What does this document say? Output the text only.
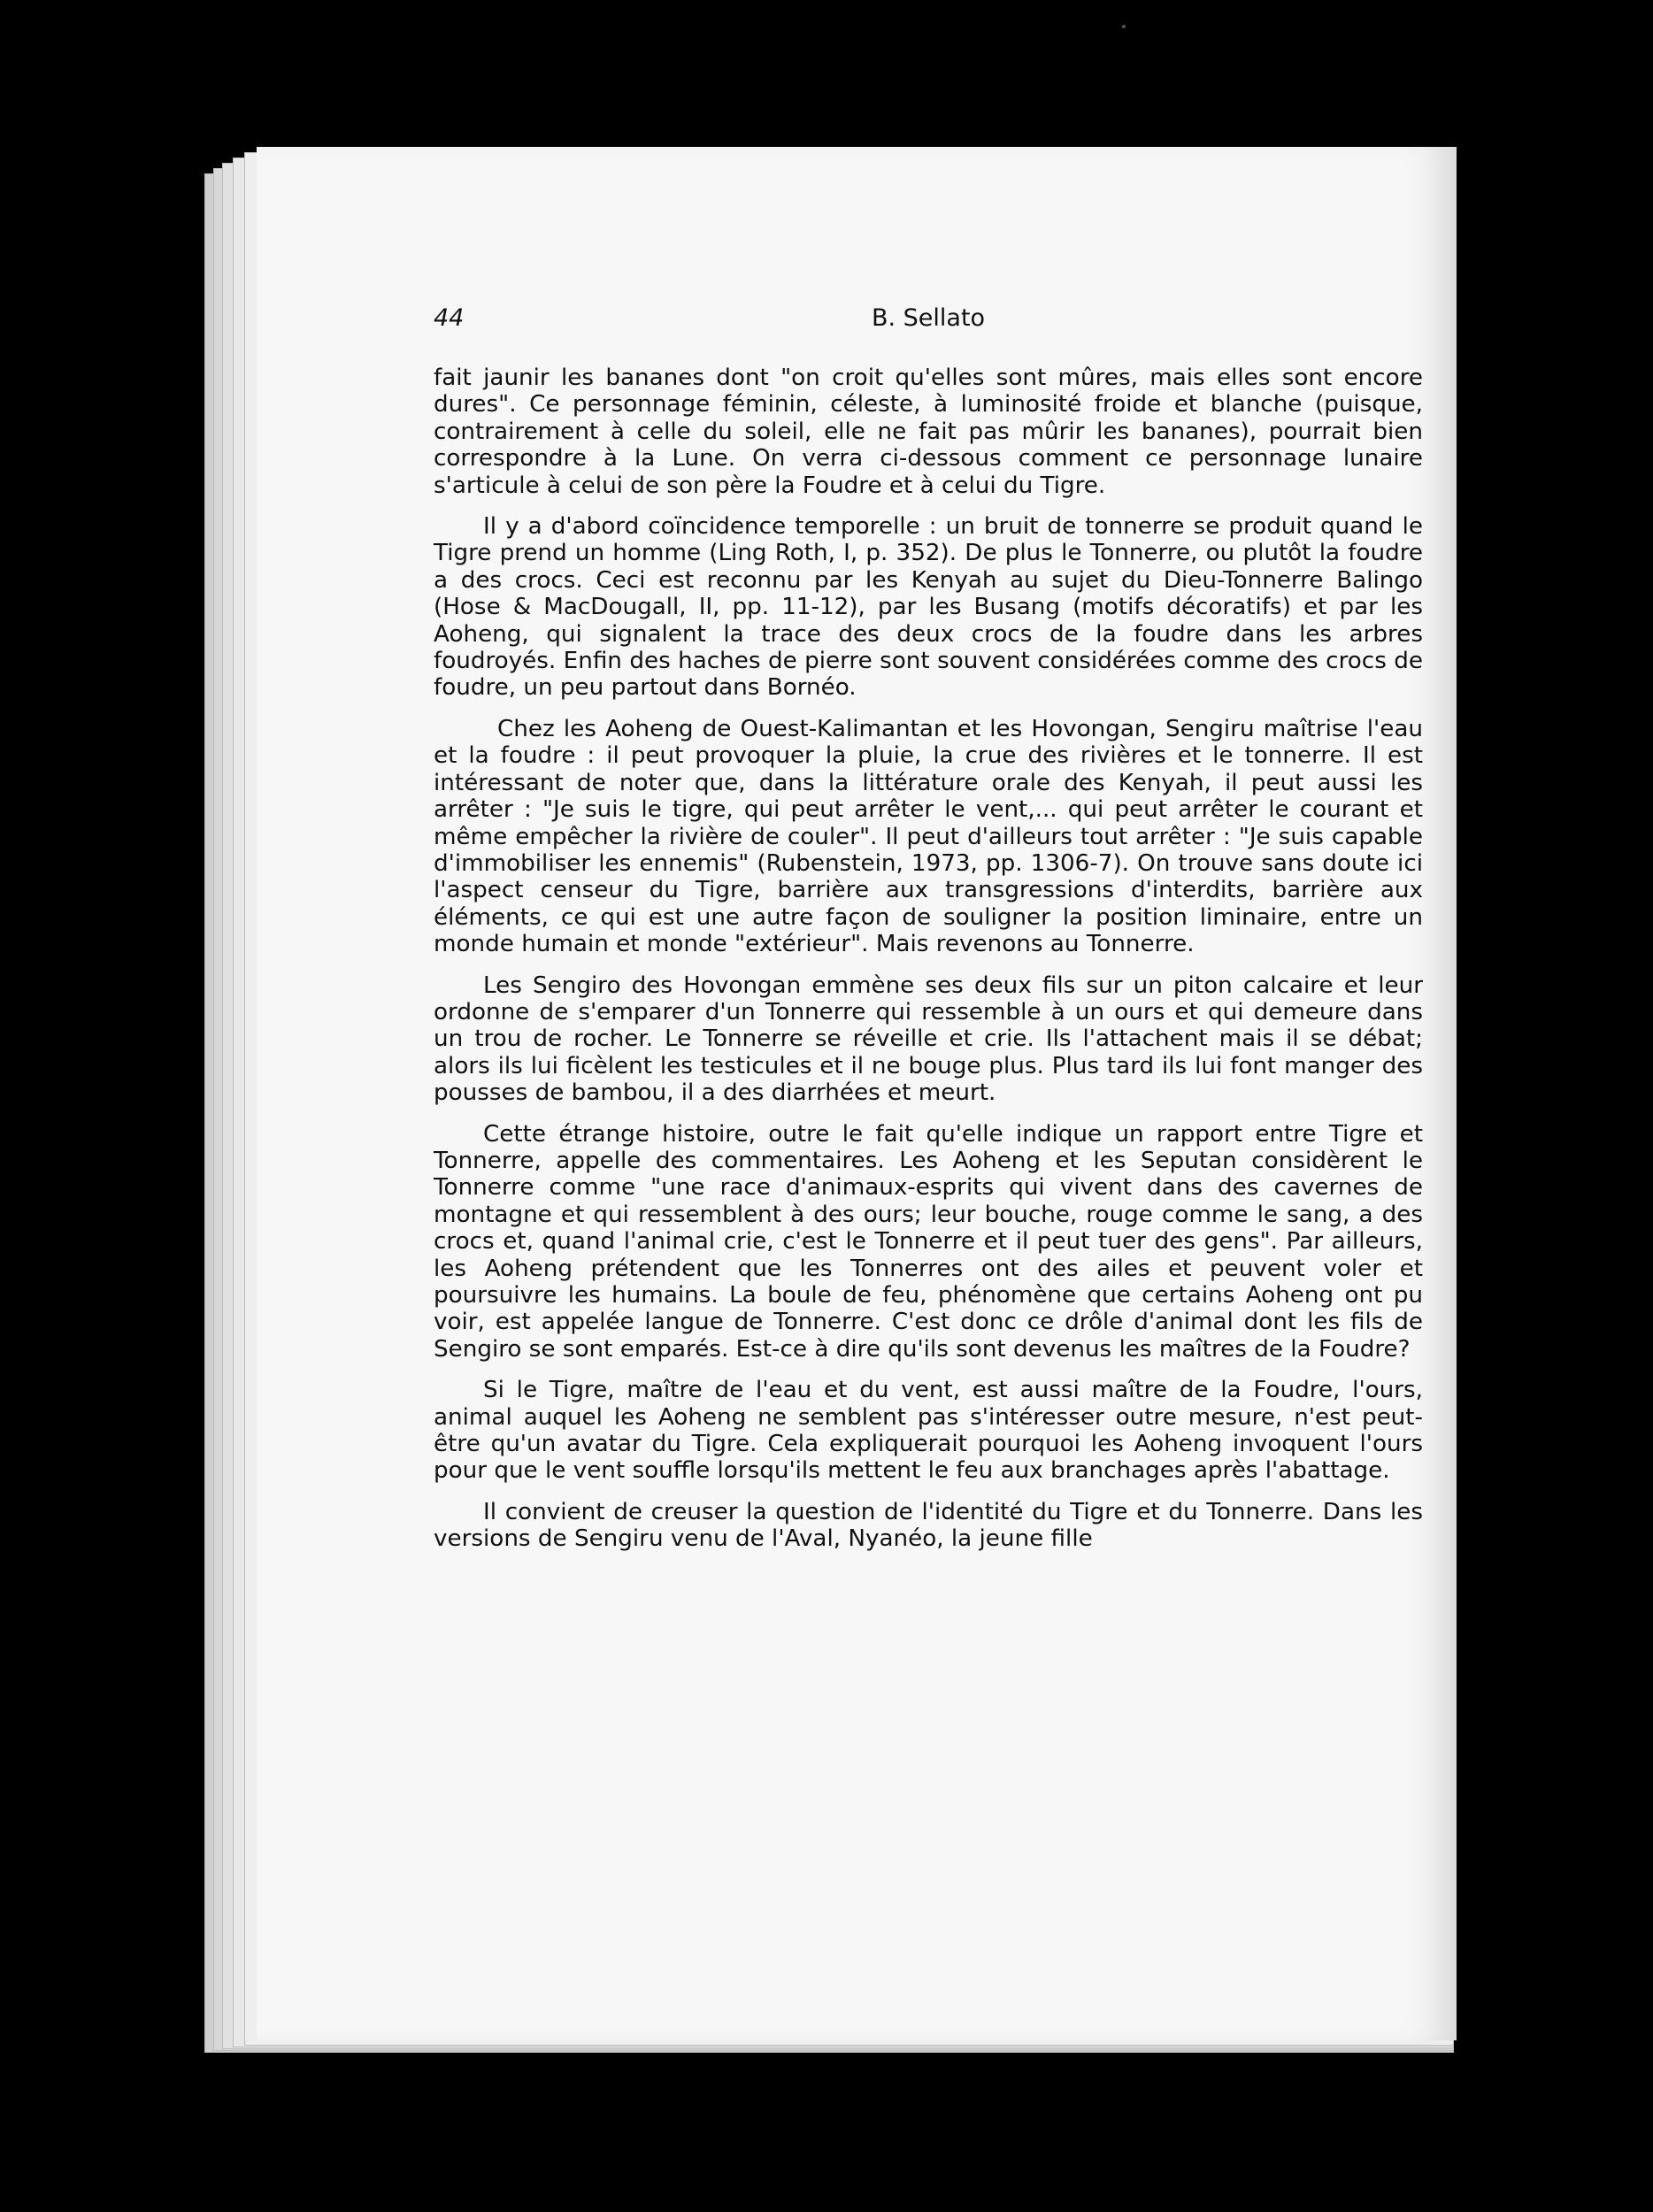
44	B. Sellato

fait jaunir les bananes dont "on croit qu'elles sont mûres, mais elles sont encore dures". Ce personnage féminin, céleste, à luminosité froide et blanche (puisque, contrairement à celle du soleil, elle ne fait pas mûrir les bananes), pourrait bien correspondre à la Lune. On verra ci-dessous comment ce personnage lunaire s'articule à celui de son père la Foudre et à celui du Tigre.

Il y a d'abord coïncidence temporelle : un bruit de tonnerre se produit quand le Tigre prend un homme (Ling Roth, I, p. 352). De plus le Tonnerre, ou plutôt la foudre a des crocs. Ceci est reconnu par les Kenyah au sujet du Dieu-Tonnerre Balingo (Hose & MacDougall, II, pp. 11-12), par les Busang (motifs décoratifs) et par les Aoheng, qui signalent la trace des deux crocs de la foudre dans les arbres foudroyés. Enfin des haches de pierre sont souvent considérées comme des crocs de foudre, un peu partout dans Bornéo.

Chez les Aoheng de Ouest-Kalimantan et les Hovongan, Sengiru maîtrise l'eau et la foudre : il peut provoquer la pluie, la crue des rivières et le tonnerre. Il est intéressant de noter que, dans la littérature orale des Kenyah, il peut aussi les arrêter : "Je suis le tigre, qui peut arrêter le vent,... qui peut arrêter le courant et même empêcher la rivière de couler". Il peut d'ailleurs tout arrêter : "Je suis capable d'immobiliser les ennemis" (Rubenstein, 1973, pp. 1306-7). On trouve sans doute ici l'aspect censeur du Tigre, barrière aux transgressions d'interdits, barrière aux éléments, ce qui est une autre façon de souligner la position liminaire, entre un monde humain et monde "extérieur". Mais revenons au Tonnerre.

Les Sengiro des Hovongan emmène ses deux fils sur un piton calcaire et leur ordonne de s'emparer d'un Tonnerre qui ressemble à un ours et qui demeure dans un trou de rocher. Le Tonnerre se réveille et crie. Ils l'attachent mais il se débat; alors ils lui ficèlent les testicules et il ne bouge plus. Plus tard ils lui font manger des pousses de bambou, il a des diarrhées et meurt.

Cette étrange histoire, outre le fait qu'elle indique un rapport entre Tigre et Tonnerre, appelle des commentaires. Les Aoheng et les Seputan considèrent le Tonnerre comme "une race d'animaux-esprits qui vivent dans des cavernes de montagne et qui ressemblent à des ours; leur bouche, rouge comme le sang, a des crocs et, quand l'animal crie, c'est le Tonnerre et il peut tuer des gens". Par ailleurs, les Aoheng prétendent que les Tonnerres ont des ailes et peuvent voler et poursuivre les humains. La boule de feu, phénomène que certains Aoheng ont pu voir, est appelée langue de Tonnerre. C'est donc ce drôle d'animal dont les fils de Sengiro se sont emparés. Est-ce à dire qu'ils sont devenus les maîtres de la Foudre?

Si le Tigre, maître de l'eau et du vent, est aussi maître de la Foudre, l'ours, animal auquel les Aoheng ne semblent pas s'intéresser outre mesure, n'est peut-être qu'un avatar du Tigre. Cela expliquerait pourquoi les Aoheng invoquent l'ours pour que le vent souffle lorsqu'ils mettent le feu aux branchages après l'abattage.

Il convient de creuser la question de l'identité du Tigre et du Tonnerre. Dans les versions de Sengiru venu de l'Aval, Nyanéo, la jeune fille
